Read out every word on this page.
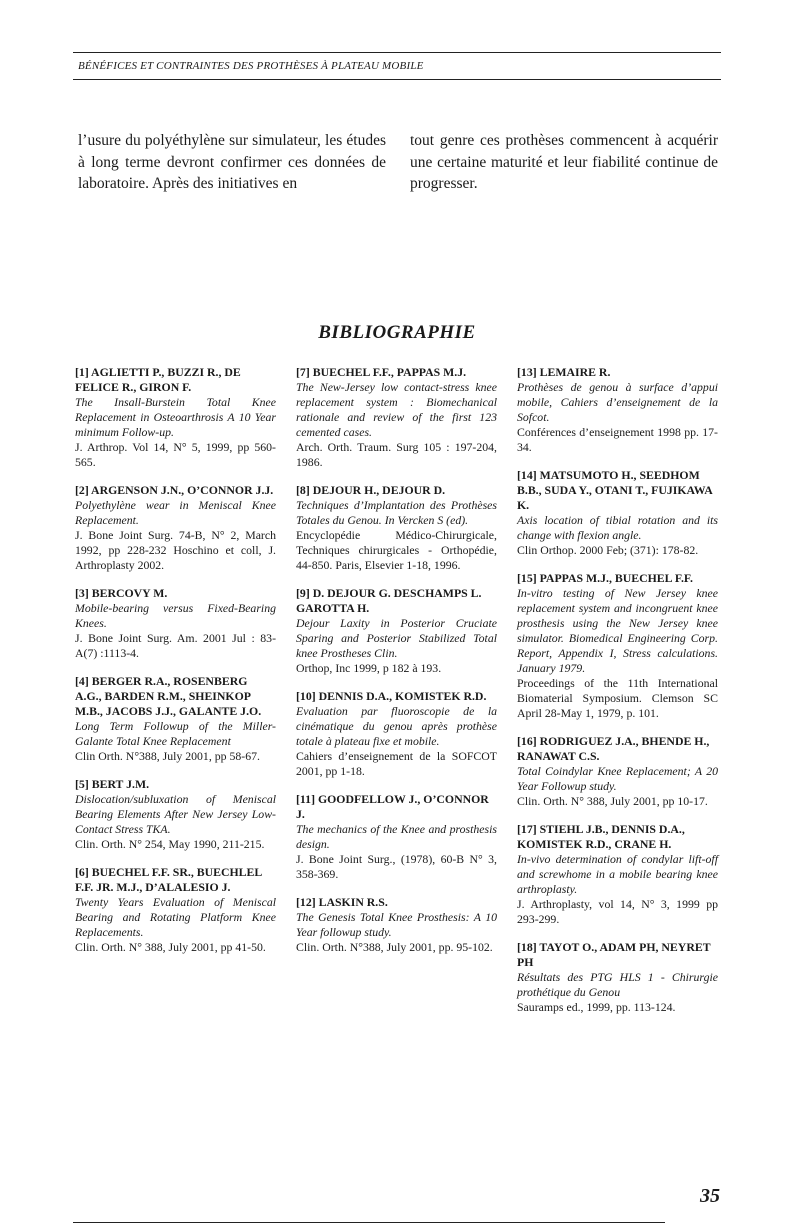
BÉNÉFICES ET CONTRAINTES DES PROTHÈSES À PLATEAU MOBILE
l’usure du polyéthylène sur simulateur, les études à long terme devront confirmer ces données de laboratoire. Après des initiatives en
tout genre ces prothèses commencent à acquérir une certaine maturité et leur fiabilité continue de progresser.
BIBLIOGRAPHIE
[1] AGLIETTI P., BUZZI R., DE FELICE R., GIRON F.
The Insall-Burstein Total Knee Replacement in Osteoarthrosis A 10 Year minimum Follow-up.
J. Arthrop. Vol 14, N° 5, 1999, pp 560-565.
[2] ARGENSON J.N., O’CONNOR J.J.
Polyethylène wear in Meniscal Knee Replacement.
J. Bone Joint Surg. 74-B, N° 2, March 1992, pp 228-232 Hoschino et coll, J. Arthroplasty 2002.
[3] BERCOVY M.
Mobile-bearing versus Fixed-Bearing Knees.
J. Bone Joint Surg. Am. 2001 Jul : 83-A(7) :1113-4.
[4] BERGER R.A., ROSENBERG A.G., BARDEN R.M., SHEINKOP M.B., JACOBS J.J., GALANTE J.O.
Long Term Followup of the Miller-Galante Total Knee Replacement
Clin Orth. N°388, July 2001, pp 58-67.
[5] BERT J.M.
Dislocation/subluxation of Meniscal Bearing Elements After New Jersey Low-Contact Stress TKA.
Clin. Orth. N° 254, May 1990, 211-215.
[6] BUECHEL F.F. SR., BUECHLEL F.F. JR. M.J., D’ALALESIO J.
Twenty Years Evaluation of Meniscal Bearing and Rotating Platform Knee Replacements.
Clin. Orth. N° 388, July 2001, pp 41-50.
[7] BUECHEL F.F., PAPPAS M.J.
The New-Jersey low contact-stress knee replacement system : Biomechanical rationale and review of the first 123 cemented cases.
Arch. Orth. Traum. Surg 105 : 197-204, 1986.
[8] DEJOUR H., DEJOUR D.
Techniques d’Implantation des Prothèses Totales du Genou. In Vercken S (ed).
Encyclopédie Médico-Chirurgicale, Techniques chirurgicales - Orthopédie, 44-850. Paris, Elsevier 1-18, 1996.
[9] D. DEJOUR G. DESCHAMPS L. GAROTTA H.
Dejour Laxity in Posterior Cruciate Sparing and Posterior Stabilized Total knee Prostheses Clin.
Orthop, Inc 1999, p 182 à 193.
[10] DENNIS D.A., KOMISTEK R.D.
Evaluation par fluoroscopie de la cinématique du genou après prothèse totale à plateau fixe et mobile.
Cahiers d’enseignement de la SOFCOT 2001, pp 1-18.
[11] GOODFELLOW J., O’CONNOR J.
The mechanics of the Knee and prosthesis design.
J. Bone Joint Surg., (1978), 60-B N° 3, 358-369.
[12] LASKIN R.S.
The Genesis Total Knee Prosthesis: A 10 Year followup study.
Clin. Orth. N°388, July 2001, pp. 95-102.
[13] LEMAIRE R.
Prothèses de genou à surface d’appui mobile, Cahiers d’enseignement de la Sofcot.
Conférences d’enseignement 1998 pp. 17-34.
[14] MATSUMOTO H., SEEDHOM B.B., SUDA Y., OTANI T., FUJIKAWA K.
Axis location of tibial rotation and its change with flexion angle.
Clin Orthop. 2000 Feb; (371): 178-82.
[15] PAPPAS M.J., BUECHEL F.F.
In-vitro testing of New Jersey knee replacement system and incongruent knee prosthesis using the New Jersey knee simulator. Biomedical Engineering Corp. Report, Appendix I, Stress calculations. January 1979.
Proceedings of the 11th International Biomaterial Symposium. Clemson SC April 28-May 1, 1979, p. 101.
[16] RODRIGUEZ J.A., BHENDE H., RANAWAT C.S.
Total Coindylar Knee Replacement; A 20 Year Followup study.
Clin. Orth. N° 388, July 2001, pp 10-17.
[17] STIEHL J.B., DENNIS D.A., KOMISTEK R.D., CRANE H.
In-vivo determination of condylar lift-off and screwhome in a mobile bearing knee arthroplasty.
J. Arthroplasty, vol 14, N° 3, 1999 pp 293-299.
[18] TAYOT O., ADAM PH, NEYRET PH
Résultats des PTG HLS 1 - Chirurgie prothétique du Genou
Sauramps ed., 1999, pp. 113-124.
35
